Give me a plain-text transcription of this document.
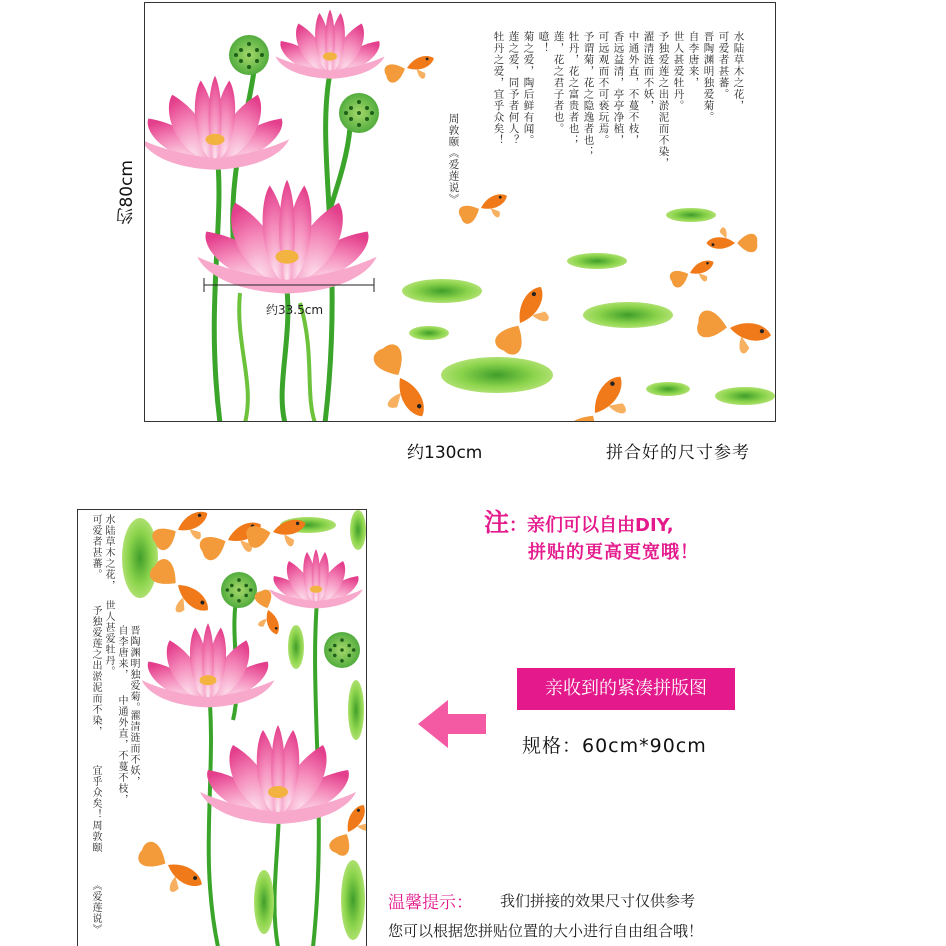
水陆草木之花，
可爱者甚蕃。
晋陶渊明独爱菊。
自李唐来，
世人甚爱牡丹。
予独爱莲之出淤泥而不染，
濯清涟而不妖，
中通外直，不蔓不枝，
香远益清，亭亭净植，
可远观而不可亵玩焉。
予谓菊，花之隐逸者也；
牡丹，花之富贵者也；
莲，花之君子者也。
噫！
菊之爱，陶后鲜有闻。
莲之爱，同予者何人？
牡丹之爱，宜乎众矣！
周敦颐《爱莲说》
约80cm
约33.5cm
约130cm	拼合好的尺寸参考
可爱者甚蕃。 水陆草木之花，
予独爱莲之出淤泥而不染， 世人甚爱牡丹。 晋陶渊明独爱菊。
自李唐来，
濯清涟而不妖，
中通外直，不蔓不枝，
宜乎众矣！周敦颐
《爱莲说》
注：亲们可以自由DIY,
拼贴的更高更宽哦！
亲收到的紧凑拼版图
规格：60cm*90cm
温馨提示： 我们拼接的效果尺寸仅供参考
您可以根据您拼贴位置的大小进行自由组合哦！
